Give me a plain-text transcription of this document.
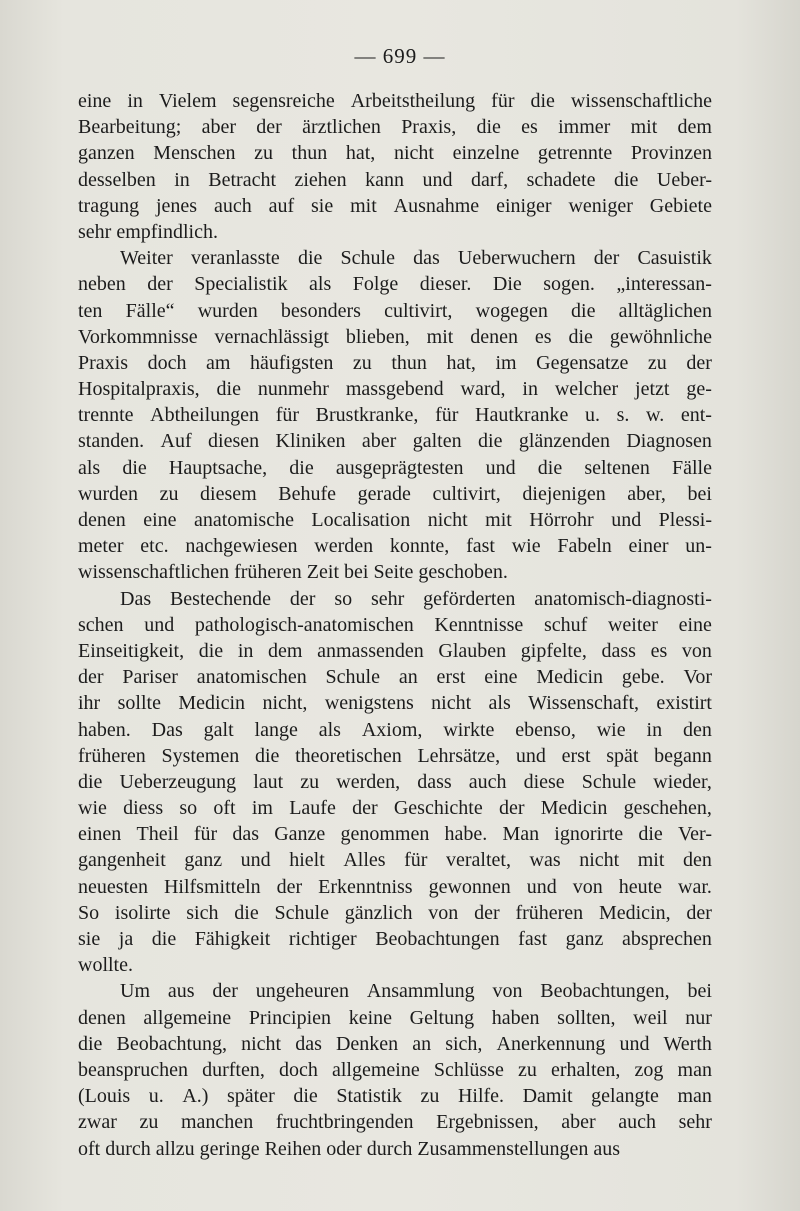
— 699 —
eine in Vielem segensreiche Arbeitstheilung für die wissenschaftliche
Bearbeitung; aber der ärztlichen Praxis, die es immer mit dem
ganzen Menschen zu thun hat, nicht einzelne getrennte Provinzen
desselben in Betracht ziehen kann und darf, schadete die Ueber-
tragung jenes auch auf sie mit Ausnahme einiger weniger Gebiete
sehr empfindlich.
Weiter veranlasste die Schule das Ueberwuchern der Casuistik
neben der Specialistik als Folge dieser. Die sogen. „interessan-
ten Fälle“ wurden besonders cultivirt, wogegen die alltäglichen
Vorkommnisse vernachlässigt blieben, mit denen es die gewöhnliche
Praxis doch am häufigsten zu thun hat, im Gegensatze zu der
Hospitalpraxis, die nunmehr massgebend ward, in welcher jetzt ge-
trennte Abtheilungen für Brustkranke, für Hautkranke u. s. w. ent-
standen. Auf diesen Kliniken aber galten die glänzenden Diagnosen
als die Hauptsache, die ausgeprägtesten und die seltenen Fälle
wurden zu diesem Behufe gerade cultivirt, diejenigen aber, bei
denen eine anatomische Localisation nicht mit Hörrohr und Plessi-
meter etc. nachgewiesen werden konnte, fast wie Fabeln einer un-
wissenschaftlichen früheren Zeit bei Seite geschoben.
Das Bestechende der so sehr geförderten anatomisch-diagnosti-
schen und pathologisch-anatomischen Kenntnisse schuf weiter eine
Einseitigkeit, die in dem anmassenden Glauben gipfelte, dass es von
der Pariser anatomischen Schule an erst eine Medicin gebe. Vor
ihr sollte Medicin nicht, wenigstens nicht als Wissenschaft, existirt
haben. Das galt lange als Axiom, wirkte ebenso, wie in den
früheren Systemen die theoretischen Lehrsätze, und erst spät begann
die Ueberzeugung laut zu werden, dass auch diese Schule wieder,
wie diess so oft im Laufe der Geschichte der Medicin geschehen,
einen Theil für das Ganze genommen habe. Man ignorirte die Ver-
gangenheit ganz und hielt Alles für veraltet, was nicht mit den
neuesten Hilfsmitteln der Erkenntniss gewonnen und von heute war.
So isolirte sich die Schule gänzlich von der früheren Medicin, der
sie ja die Fähigkeit richtiger Beobachtungen fast ganz absprechen
wollte.
Um aus der ungeheuren Ansammlung von Beobachtungen, bei
denen allgemeine Principien keine Geltung haben sollten, weil nur
die Beobachtung, nicht das Denken an sich, Anerkennung und Werth
beanspruchen durften, doch allgemeine Schlüsse zu erhalten, zog man
(Louis u. A.) später die Statistik zu Hilfe. Damit gelangte man
zwar zu manchen fruchtbringenden Ergebnissen, aber auch sehr
oft durch allzu geringe Reihen oder durch Zusammenstellungen aus
